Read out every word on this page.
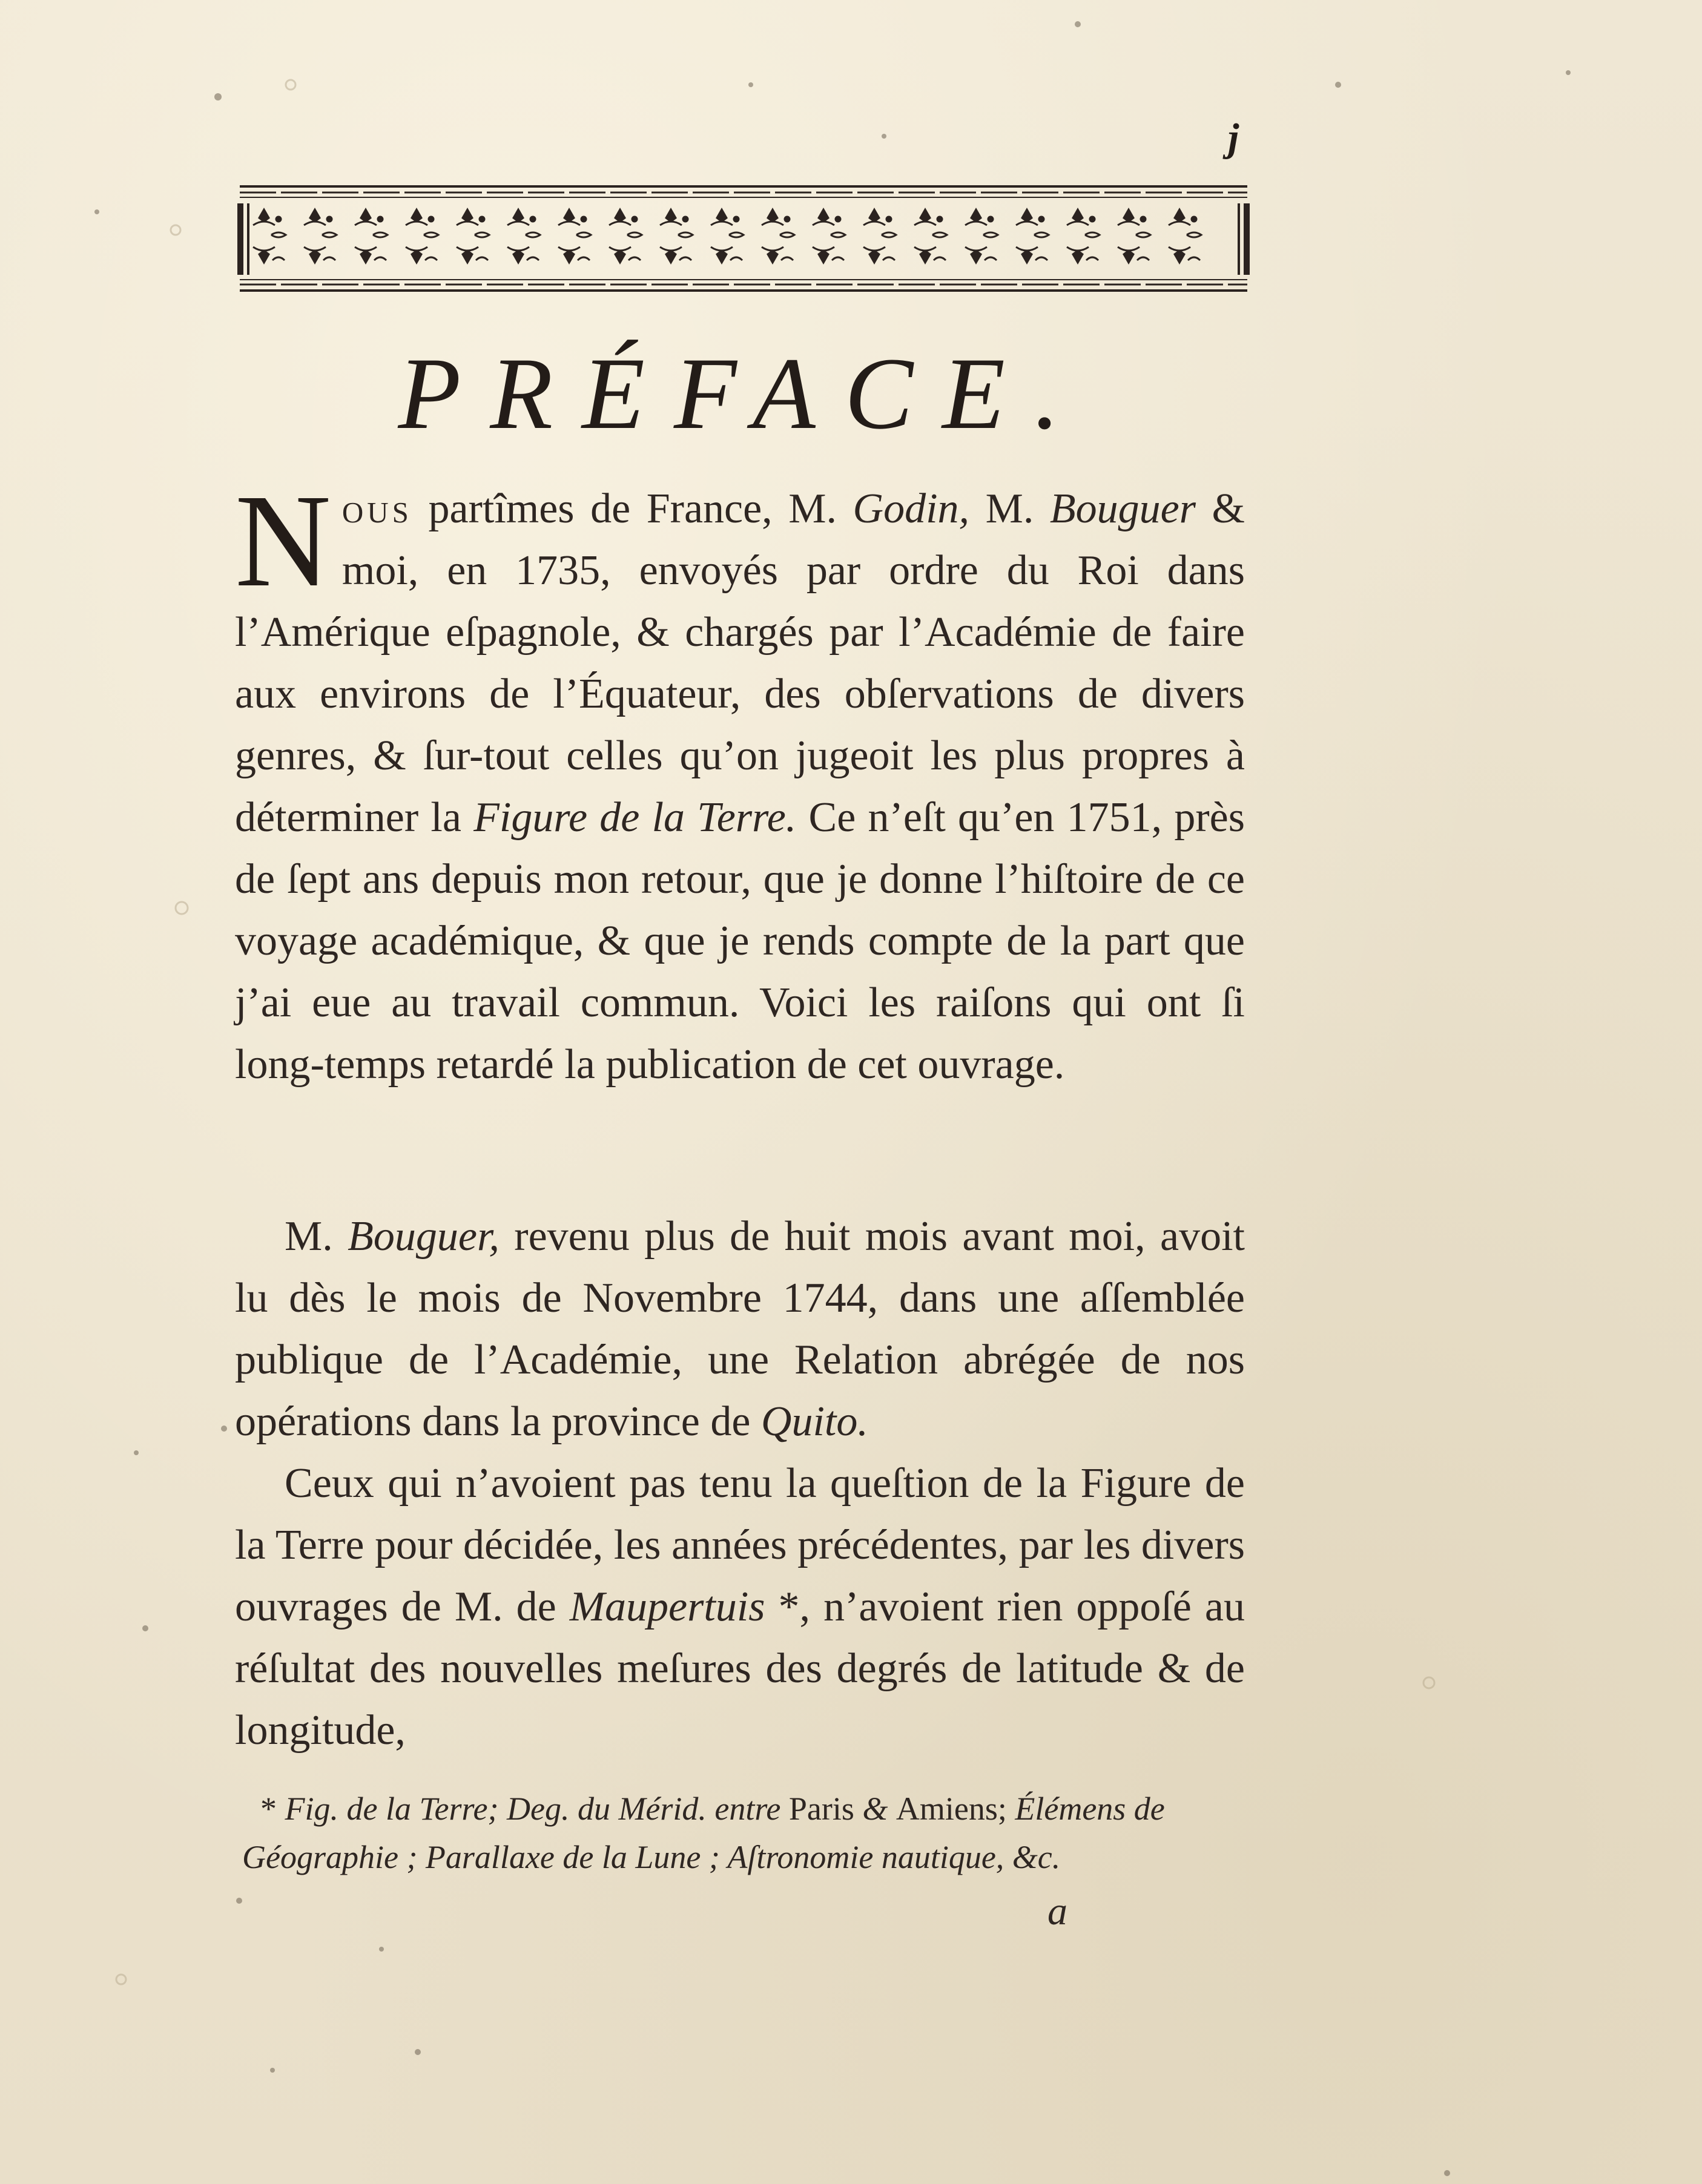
j
PRÉFACE.
Nous partîmes de France, M. Godin, M. Bouguer & moi, en 1735, envoyés par ordre du Roi dans l’Amérique eſpagnole, & chargés par l’Académie de faire aux environs de l’Équateur, des obſervations de divers genres, & ſur-tout celles qu’on jugeoit les plus propres à déterminer la Figure de la Terre. Ce n’eſt qu’en 1751, près de ſept ans depuis mon retour, que je donne l’hiſtoire de ce voyage académique, & que je rends compte de la part que j’ai eue au travail commun. Voici les raiſons qui ont ſi long-temps retardé la publication de cet ouvrage.
M. Bouguer, revenu plus de huit mois avant moi, avoit lu dès le mois de Novembre 1744, dans une aſſemblée publique de l’Académie, une Relation abrégée de nos opérations dans la province de Quito.
Ceux qui n’avoient pas tenu la queſtion de la Figure de la Terre pour décidée, les années précédentes, par les divers ouvrages de M. de Maupertuis *, n’avoient rien oppoſé au réſultat des nouvelles meſures des degrés de latitude & de longitude,

* Fig. de la Terre; Deg. du Mérid. entre Paris & Amiens; Élémens de Géographie ; Parallaxe de la Lune ; Aſtronomie nautique, &c.

a
